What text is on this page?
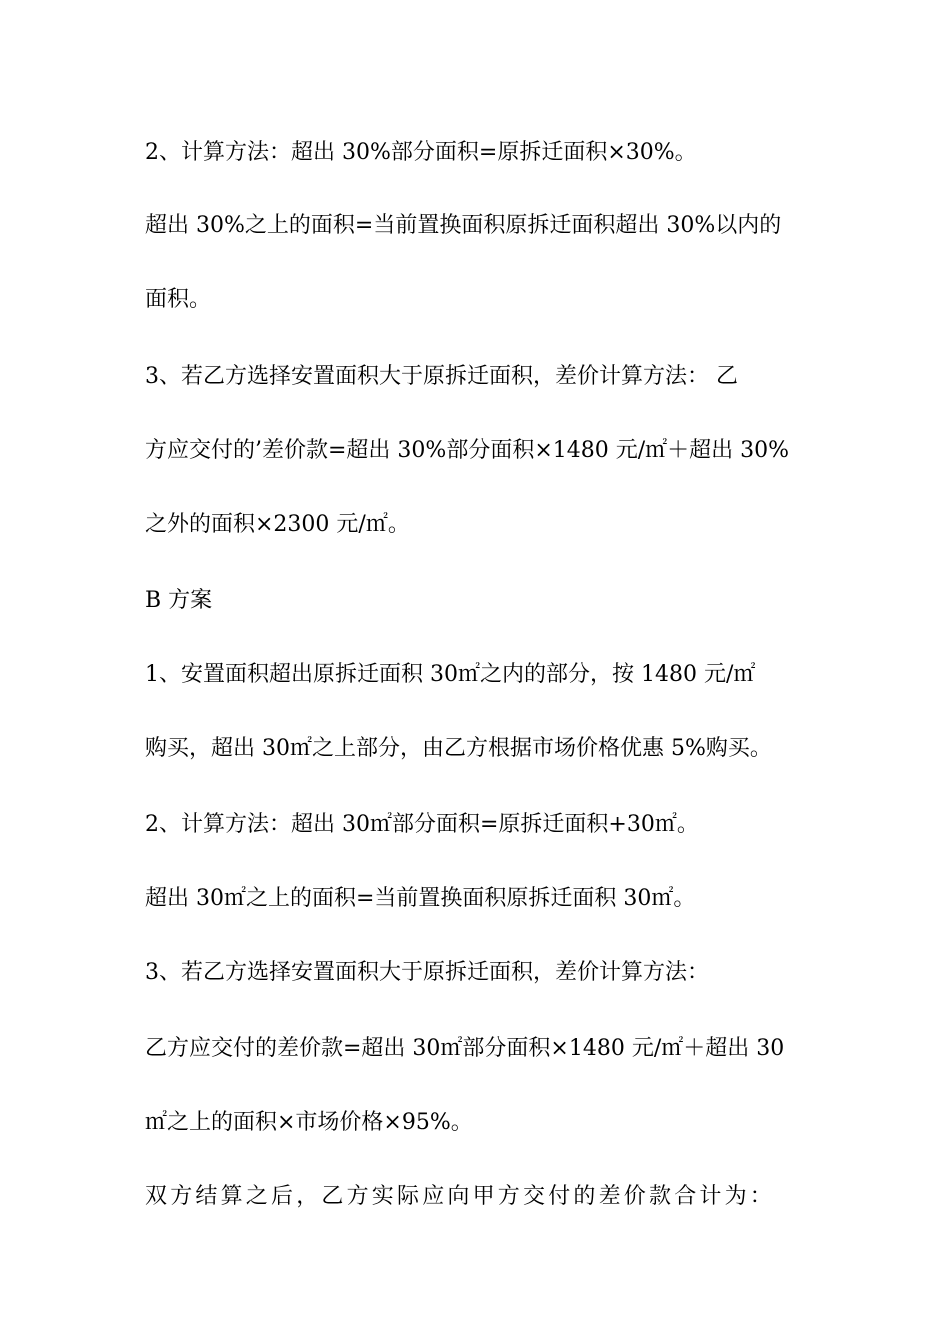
2、计算方法：超出 30%部分面积=原拆迁面积×30%。
超出 30%之上的面积=当前置换面积原拆迁面积超出 30%以内的
面积。
3、若乙方选择安置面积大于原拆迁面积，差价计算方法： 乙
方应交付的’差价款=超出 30%部分面积×1480 元/㎡＋超出 30%
之外的面积×2300 元/㎡。
B 方案
1、安置面积超出原拆迁面积 30㎡之内的部分，按 1480 元/㎡
购买，超出 30㎡之上部分，由乙方根据市场价格优惠 5%购买。
2、计算方法：超出 30㎡部分面积=原拆迁面积+30㎡。
超出 30㎡之上的面积=当前置换面积原拆迁面积 30㎡。
3、若乙方选择安置面积大于原拆迁面积，差价计算方法：
乙方应交付的差价款=超出 30㎡部分面积×1480 元/㎡＋超出 30
㎡之上的面积×市场价格×95%。
双方结算之后，乙方实际应向甲方交付的差价款合计为：
